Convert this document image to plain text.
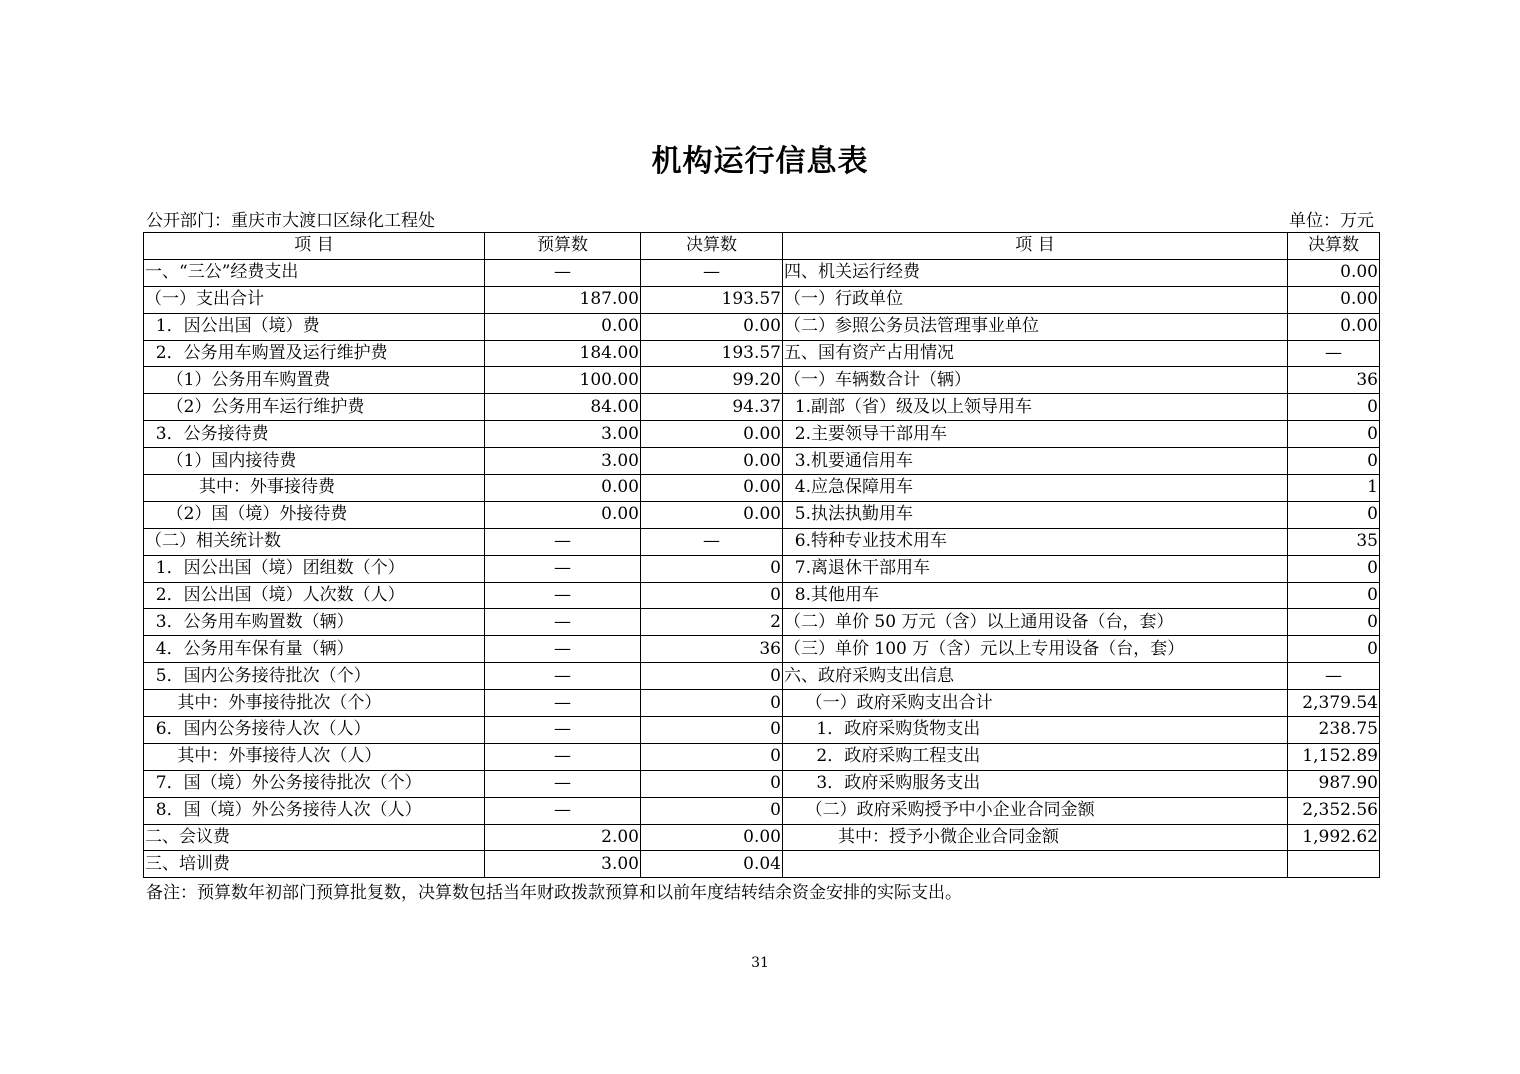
机构运行信息表
公开部门：重庆市大渡口区绿化工程处	单位：万元
项 目	预算数	决算数	项 目	决算数
一、“三公”经费支出	—	—	四、机关运行经费	0.00
（一）支出合计	187.00	193.57	（一）行政单位	0.00
1．因公出国（境）费	0.00	0.00	（二）参照公务员法管理事业单位	0.00
2．公务用车购置及运行维护费	184.00	193.57	五、国有资产占用情况	—
（1）公务用车购置费	100.00	99.20	（一）车辆数合计（辆）	36
（2）公务用车运行维护费	84.00	94.37	1.副部（省）级及以上领导用车	0
3．公务接待费	3.00	0.00	2.主要领导干部用车	0
（1）国内接待费	3.00	0.00	3.机要通信用车	0
其中：外事接待费	0.00	0.00	4.应急保障用车	1
（2）国（境）外接待费	0.00	0.00	5.执法执勤用车	0
（二）相关统计数	—	—	6.特种专业技术用车	35
1．因公出国（境）团组数（个）	—	0	7.离退休干部用车	0
2．因公出国（境）人次数（人）	—	0	8.其他用车	0
3．公务用车购置数（辆）	—	2	（二）单价 50 万元（含）以上通用设备（台，套）	0
4．公务用车保有量（辆）	—	36	（三）单价 100 万（含）元以上专用设备（台，套）	0
5．国内公务接待批次（个）	—	0	六、政府采购支出信息	—
其中：外事接待批次（个）	—	0	（一）政府采购支出合计	2,379.54
6．国内公务接待人次（人）	—	0	1．政府采购货物支出	238.75
其中：外事接待人次（人）	—	0	2．政府采购工程支出	1,152.89
7．国（境）外公务接待批次（个）	—	0	3．政府采购服务支出	987.90
8．国（境）外公务接待人次（人）	—	0	（二）政府采购授予中小企业合同金额	2,352.56
二、会议费	2.00	0.00	其中：授予小微企业合同金额	1,992.62
三、培训费	3.00	0.04		
备注：预算数年初部门预算批复数，决算数包括当年财政拨款预算和以前年度结转结余资金安排的实际支出。
31
